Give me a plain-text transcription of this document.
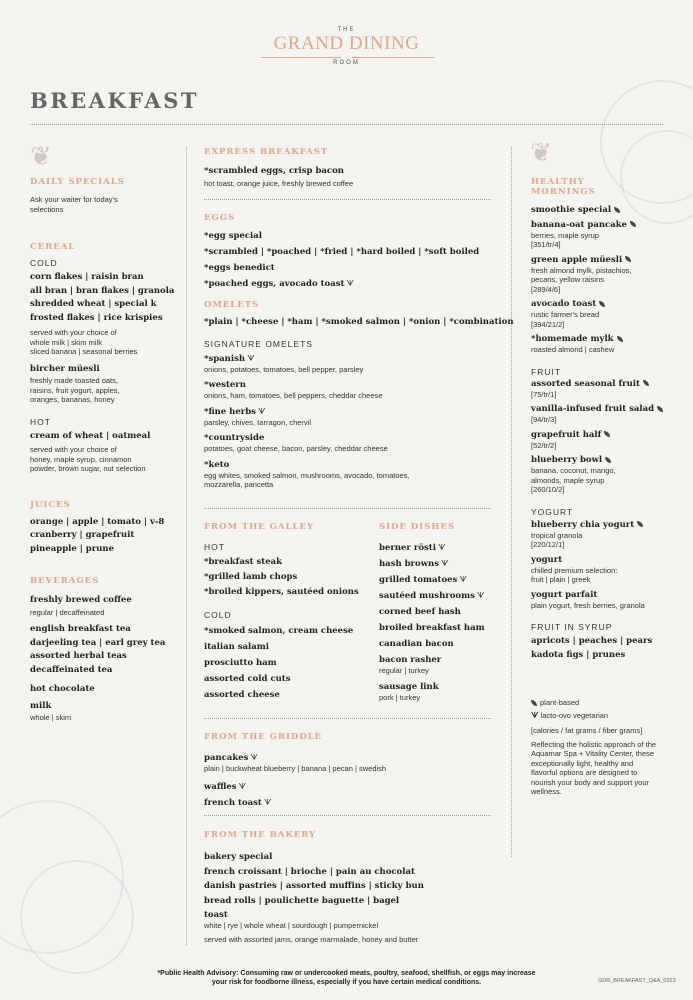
THE
GRAND DINING
ROOM
BREAKFAST
❦	❦

DAILY SPECIALS

Ask your waiter for today's selections

CEREAL

COLD

corn flakes | raisin bran

all bran | bran flakes | granola

shredded wheat | special k

frosted flakes | rice krispies

served with your choice of

whole milk | skim milk

sliced banana | seasonal berries

bircher müesli

freshly made toasted oats,

raisins, fruit yogurt, apples,

oranges, bananas, honey

HOT

cream of wheat | oatmeal

served with your choice of

honey, maple syrup, cinnamon

powder, brown sugar, nut selection

JUICES

orange | apple | tomato | v-8

cranberry | grapefruit

pineapple | prune

BEVERAGES

freshly brewed coffee

regular | decaffeinated

english breakfast tea

darjeeling tea | earl grey tea

assorted herbal teas

decaffeinated tea

hot chocolate

milk

whole | skim

EXPRESS BREAKFAST

*scrambled eggs, crisp bacon

hot toast, orange juice, freshly brewed coffee

EGGS

*egg special

*scrambled | *poached | *fried | *hard boiled | *soft boiled

*eggs benedict

*poached eggs, avocado toast ᗐ

OMELETS

*plain | *cheese | *ham | *smoked salmon | *onion | *combination

SIGNATURE OMELETS

*spanish ᗐ

onions, potatoes, tomatoes, bell pepper, parsley

*western

onions, ham, tomatoes, bell peppers, cheddar cheese

*fine herbs ᗐ

parsley, chives, tarragon, chervil

*countryside

potatoes, goat cheese, bacon, parsley, cheddar cheese

*keto

egg whites, smoked salmon, mushrooms, avocado, tomatoes,

mozzarella, pancetta

FROM THE GALLEY

HOT

*breakfast steak

*grilled lamb chops

*broiled kippers, sautéed onions

COLD

*smoked salmon, cream cheese

italian salami

prosciutto ham

assorted cold cuts

assorted cheese

SIDE DISHES

berner rösti ᗐ

hash browns ᗐ

grilled tomatoes ᗐ

sautéed mushrooms ᗐ

corned beef hash

broiled breakfast ham

canadian bacon

bacon rasher

regular | turkey

sausage link

pork | turkey

FROM THE GRIDDLE

pancakes ᗐ

plain | buckwheat blueberry | banana | pecan | swedish

waffles ᗐ

french toast ᗐ

FROM THE BAKERY

bakery special

french croissant | brioche | pain au chocolat

danish pastries | assorted muffins | sticky bun

bread rolls | poulichette baguette | bagel

toast

white | rye | whole wheat | sourdough | pumpernickel

served with assorted jams, orange marmalade, honey and butter

HEALTHY

MORNINGS

smoothie special

banana-oat pancake

berries, maple syrup

[351/tr/4]

green apple müesli

fresh almond mylk, pistachios,

pecans, yellow raisins

[289/4/6]

avocado toast

rustic farmer's bread

[394/21/2]

*homemade mylk

roasted almond | cashew

FRUIT

assorted seasonal fruit

[75/tr/1]

vanilla-infused fruit salad

[94/tr/3]

grapefruit half

[52/tr/2]

blueberry bowl

banana, coconut, mango,

almonds, maple syrup

[260/10/2]

YOGURT

blueberry chia yogurt

tropical granola

[220/12/1]

yogurt

chilled premium selection:

fruit | plain | greek

yogurt parfait

plain yogurt, fresh berries, granola

FRUIT IN SYRUP

apricots | peaches | pears

kadota figs | prunes

plant-based

ᗐ lacto-ovo vegetarian

[calories / fat grams / fiber grams]

Reflecting the holistic approach of the Aquamar Spa + Vitality Center, these exceptionally light, healthy and flavorful options are designed to nourish your body and support your wellness.

*Public Health Advisory: Consuming raw or undercooked meats, poultry, seafood, shellfish, or eggs may increase
your risk for foodborne illness, especially if you have certain medical conditions.	GDR_BREAKFAST_Q&A_0323
